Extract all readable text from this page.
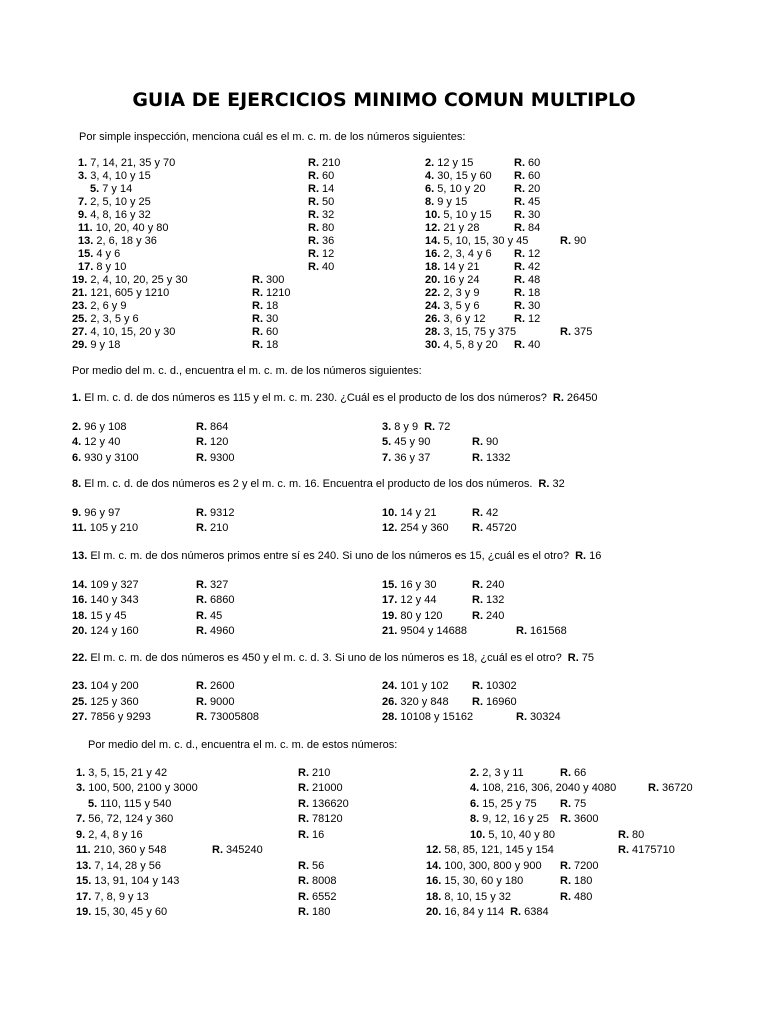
GUIA DE EJERCICIOS MINIMO COMUN MULTIPLO
Por simple inspección, menciona cuál es el m. c. m. de los números siguientes:
1. 7, 14, 21, 35 y 70	R. 210	2. 12 y 15	R. 60
3. 3, 4, 10 y 15	R. 60	4. 30, 15 y 60 R. 60
5. 7 y 14	R. 14	6. 5, 10 y 20	R. 20
7. 2, 5, 10 y 25	R. 50	8. 9 y 15	R. 45
9. 4, 8, 16 y 32	R. 32	10. 5, 10 y 15 R. 30
11. 10, 20, 40 y 80	R. 80	12. 21 y 28	R. 84
13. 2, 6, 18 y 36	R. 36	14. 5, 10, 15, 30 y 45	R. 90
15. 4 y 6	R. 12	16. 2, 3, 4 y 6 R. 12
17. 8 y 10	R. 40	18. 14 y 21	R. 42
19. 2, 4, 10, 20, 25 y 30	R. 300	20. 16 y 24	R. 48
21. 121, 605 y 1210	R. 1210	22. 2, 3 y 9	R. 18
23. 2, 6 y 9	R. 18	24. 3, 5 y 6	R. 30
25. 2, 3, 5 y 6	R. 30	26. 3, 6 y 12	R. 12
27. 4, 10, 15, 20 y 30	R. 60	28. 3, 15, 75 y 375	R. 375
29. 9 y 18	R. 18	30. 4, 5, 8 y 20 R. 40
Por medio del m. c. d., encuentra el m. c. m. de los números siguientes:
1. El m. c. d. de dos números es 115 y el m. c. m. 230. ¿Cuál es el producto de los dos números? R. 26450
2. 96 y 108	R. 864	3. 8 y 9 R. 72
4. 12 y 40	R. 120	5. 45 y 90	R. 90
6. 930 y 3100	R. 9300	7. 36 y 37	R. 1332
8. El m. c. d. de dos números es 2 y el m. c. m. 16. Encuentra el producto de los dos números. R. 32
9. 96 y 97	R. 9312	10. 14 y 21	R. 42
11. 105 y 210	R. 210	12. 254 y 360 R. 45720
13. El m. c. m. de dos números primos entre sí es 240. Si uno de los números es 15, ¿cuál es el otro? R. 16
14. 109 y 327	R. 327	15. 16 y 30	R. 240
16. 140 y 343	R. 6860	17. 12 y 44	R. 132
18. 15 y 45	R. 45	19. 80 y 120	R. 240
20. 124 y 160	R. 4960	21. 9504 y 14688	R. 161568
22. El m. c. m. de dos números es 450 y el m. c. d. 3. Si uno de los números es 18, ¿cuál es el otro? R. 75
23. 104 y 200	R. 2600	24. 101 y 102 R. 10302
25. 125 y 360	R. 9000	26. 320 y 848 R. 16960
27. 7856 y 9293	R. 73005808	28. 10108 y 15162	R. 30324
Por medio del m. c. d., encuentra el m. c. m. de estos números:
1. 3, 5, 15, 21 y 42	R. 210	2. 2, 3 y 11	R. 66
3. 100, 500, 2100 y 3000	R. 21000	4. 108, 216, 306, 2040 y 4080	R. 36720
5. 110, 115 y 540	R. 136620	6. 15, 25 y 75 R. 75
7. 56, 72, 124 y 360	R. 78120	8. 9, 12, 16 y 25 R. 3600
9. 2, 4, 8 y 16	R. 16	10. 5, 10, 40 y 80	R. 80
11. 210, 360 y 548	R. 345240	12. 58, 85, 121, 145 y 154	R. 4175710
13. 7, 14, 28 y 56	R. 56	14. 100, 300, 800 y 900 R. 7200
15. 13, 91, 104 y 143	R. 8008	16. 15, 30, 60 y 180	R. 180
17. 7, 8, 9 y 13	R. 6552	18. 8, 10, 15 y 32	R. 480
19. 15, 30, 45 y 60	R. 180	20. 16, 84 y 114 R. 6384
